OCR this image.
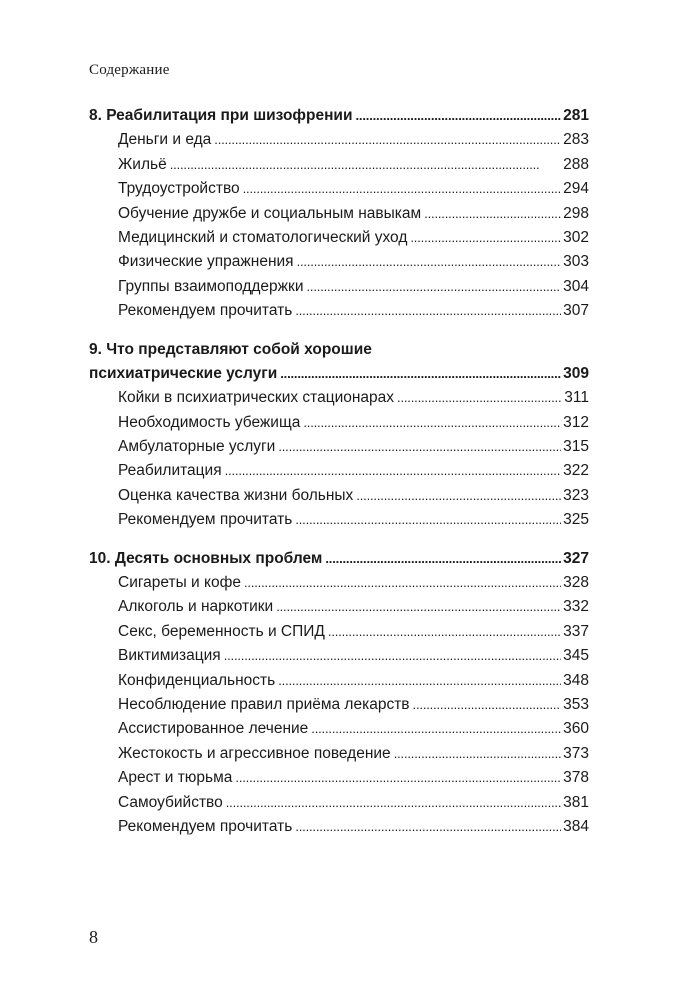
Содержание
8. Реабилитация при шизофрении . . .	281
Деньги и еда . . .	283
Жильё . . .	288
Трудоустройство . . .	294
Обучение дружбе и социальным навыкам . . .	298
Медицинский и стоматологический уход . . .	302
Физические упражнения . . .	303
Группы взаимоподдержки . . .	304
Рекомендуем прочитать . . .	307
9. Что представляют собой хорошие
психиатрические услуги . . .	309
Койки в психиатрических стационарах . . .	311
Необходимость убежища . . .	312
Амбулаторные услуги . . .	315
Реабилитация . . .	322
Оценка качества жизни больных . . .	323
Рекомендуем прочитать . . .	325
10. Десять основных проблем . . .	327
Сигареты и кофе . . .	328
Алкоголь и наркотики . . .	332
Секс, беременность и СПИД . . .	337
Виктимизация . . .	345
Конфиденциальность . . .	348
Несоблюдение правил приёма лекарств . . .	353
Ассистированное лечение . . .	360
Жестокость и агрессивное поведение . . .	373
Арест и тюрьма . . .	378
Самоубийство . . .	381
Рекомендуем прочитать . . .	384
8
